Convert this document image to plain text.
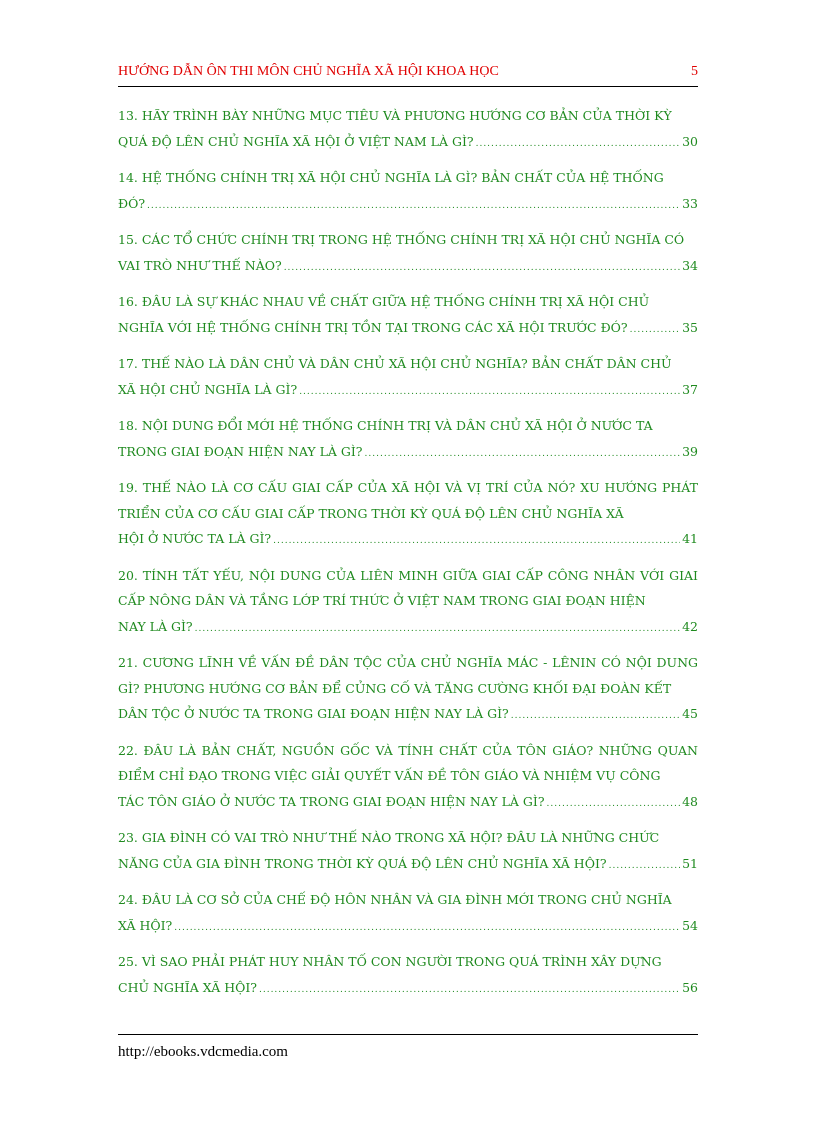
HƯỚNG DẪN ÔN THI MÔN CHỦ NGHĨA XÃ HỘI KHOA HỌC	5
13. HÃY TRÌNH BÀY NHỮNG MỤC TIÊU VÀ PHƯƠNG HƯỚNG CƠ BẢN CỦA THỜI KỲ
QUÁ ĐỘ LÊN CHỦ NGHĨA XÃ HỘI Ở VIỆT NAM LÀ GÌ? .....	30
14. HỆ THỐNG CHÍNH TRỊ XÃ HỘI CHỦ NGHĨA LÀ GÌ? BẢN CHẤT CỦA HỆ THỐNG
ĐÓ? .....	33
15. CÁC TỔ CHỨC CHÍNH TRỊ TRONG HỆ THỐNG CHÍNH TRỊ XÃ HỘI CHỦ NGHĨA CÓ
VAI TRÒ NHƯ THẾ NÀO? .....	34
16. ĐÂU LÀ SỰ KHÁC NHAU VỀ CHẤT GIỮA HỆ THỐNG CHÍNH TRỊ XÃ HỘI CHỦ
NGHĨA VỚI HỆ THỐNG CHÍNH TRỊ TỒN TẠI TRONG CÁC XÃ HỘI TRƯỚC ĐÓ? .....	35
17. THẾ NÀO LÀ DÂN CHỦ VÀ DÂN CHỦ XÃ HỘI CHỦ NGHĨA? BẢN CHẤT DÂN CHỦ
XÃ HỘI CHỦ NGHĨA LÀ GÌ? .....	37
18. NỘI DUNG ĐỔI MỚI HỆ THỐNG CHÍNH TRỊ VÀ DÂN CHỦ XÃ HỘI Ở NƯỚC TA
TRONG GIAI ĐOẠN HIỆN NAY LÀ GÌ? .....	39
19. THẾ NÀO LÀ CƠ CẤU GIAI CẤP CỦA XÃ HỘI VÀ VỊ TRÍ CỦA NÓ? XU HƯỚNG PHÁT TRIỂN CỦA CƠ CẤU GIAI CẤP TRONG THỜI KỲ QUÁ ĐỘ LÊN CHỦ NGHĨA XÃ
HỘI Ở NƯỚC TA LÀ GÌ? .....	41
20. TÍNH TẤT YẾU, NỘI DUNG CỦA LIÊN MINH GIỮA GIAI CẤP CÔNG NHÂN VỚI GIAI CẤP NÔNG DÂN VÀ TẦNG LỚP TRÍ THỨC Ở VIỆT NAM TRONG GIAI ĐOẠN HIỆN
NAY LÀ GÌ? .....	42
21. CƯƠNG LĨNH VỀ VẤN ĐỀ DÂN TỘC CỦA CHỦ NGHĨA MÁC - LÊNIN CÓ NỘI DUNG GÌ? PHƯƠNG HƯỚNG CƠ BẢN ĐỂ CỦNG CỐ VÀ TĂNG CƯỜNG KHỐI ĐẠI ĐOÀN KẾT
DÂN TỘC Ở NƯỚC TA TRONG GIAI ĐOẠN HIỆN NAY LÀ GÌ? .....	45
22. ĐÂU LÀ BẢN CHẤT, NGUỒN GỐC VÀ TÍNH CHẤT CỦA TÔN GIÁO? NHỮNG QUAN ĐIỂM CHỈ ĐẠO TRONG VIỆC GIẢI QUYẾT VẤN ĐỀ TÔN GIÁO VÀ NHIỆM VỤ CÔNG
TÁC TÔN GIÁO Ở NƯỚC TA TRONG GIAI ĐOẠN HIỆN NAY LÀ GÌ? .....	48
23. GIA ĐÌNH CÓ VAI TRÒ NHƯ THẾ NÀO TRONG XÃ HỘI? ĐÂU LÀ NHỮNG CHỨC
NĂNG CỦA GIA ĐÌNH TRONG THỜI KỲ QUÁ ĐỘ LÊN CHỦ NGHĨA XÃ HỘI? .....	51
24. ĐÂU LÀ CƠ SỞ CỦA CHẾ ĐỘ HÔN NHÂN VÀ GIA ĐÌNH MỚI TRONG CHỦ NGHĨA
XÃ HỘI? .....	54
25. VÌ SAO PHẢI PHÁT HUY NHÂN TỐ CON NGƯỜI TRONG QUÁ TRÌNH XÂY DỰNG
CHỦ NGHĨA XÃ HỘI? .....	56
http://ebooks.vdcmedia.com
